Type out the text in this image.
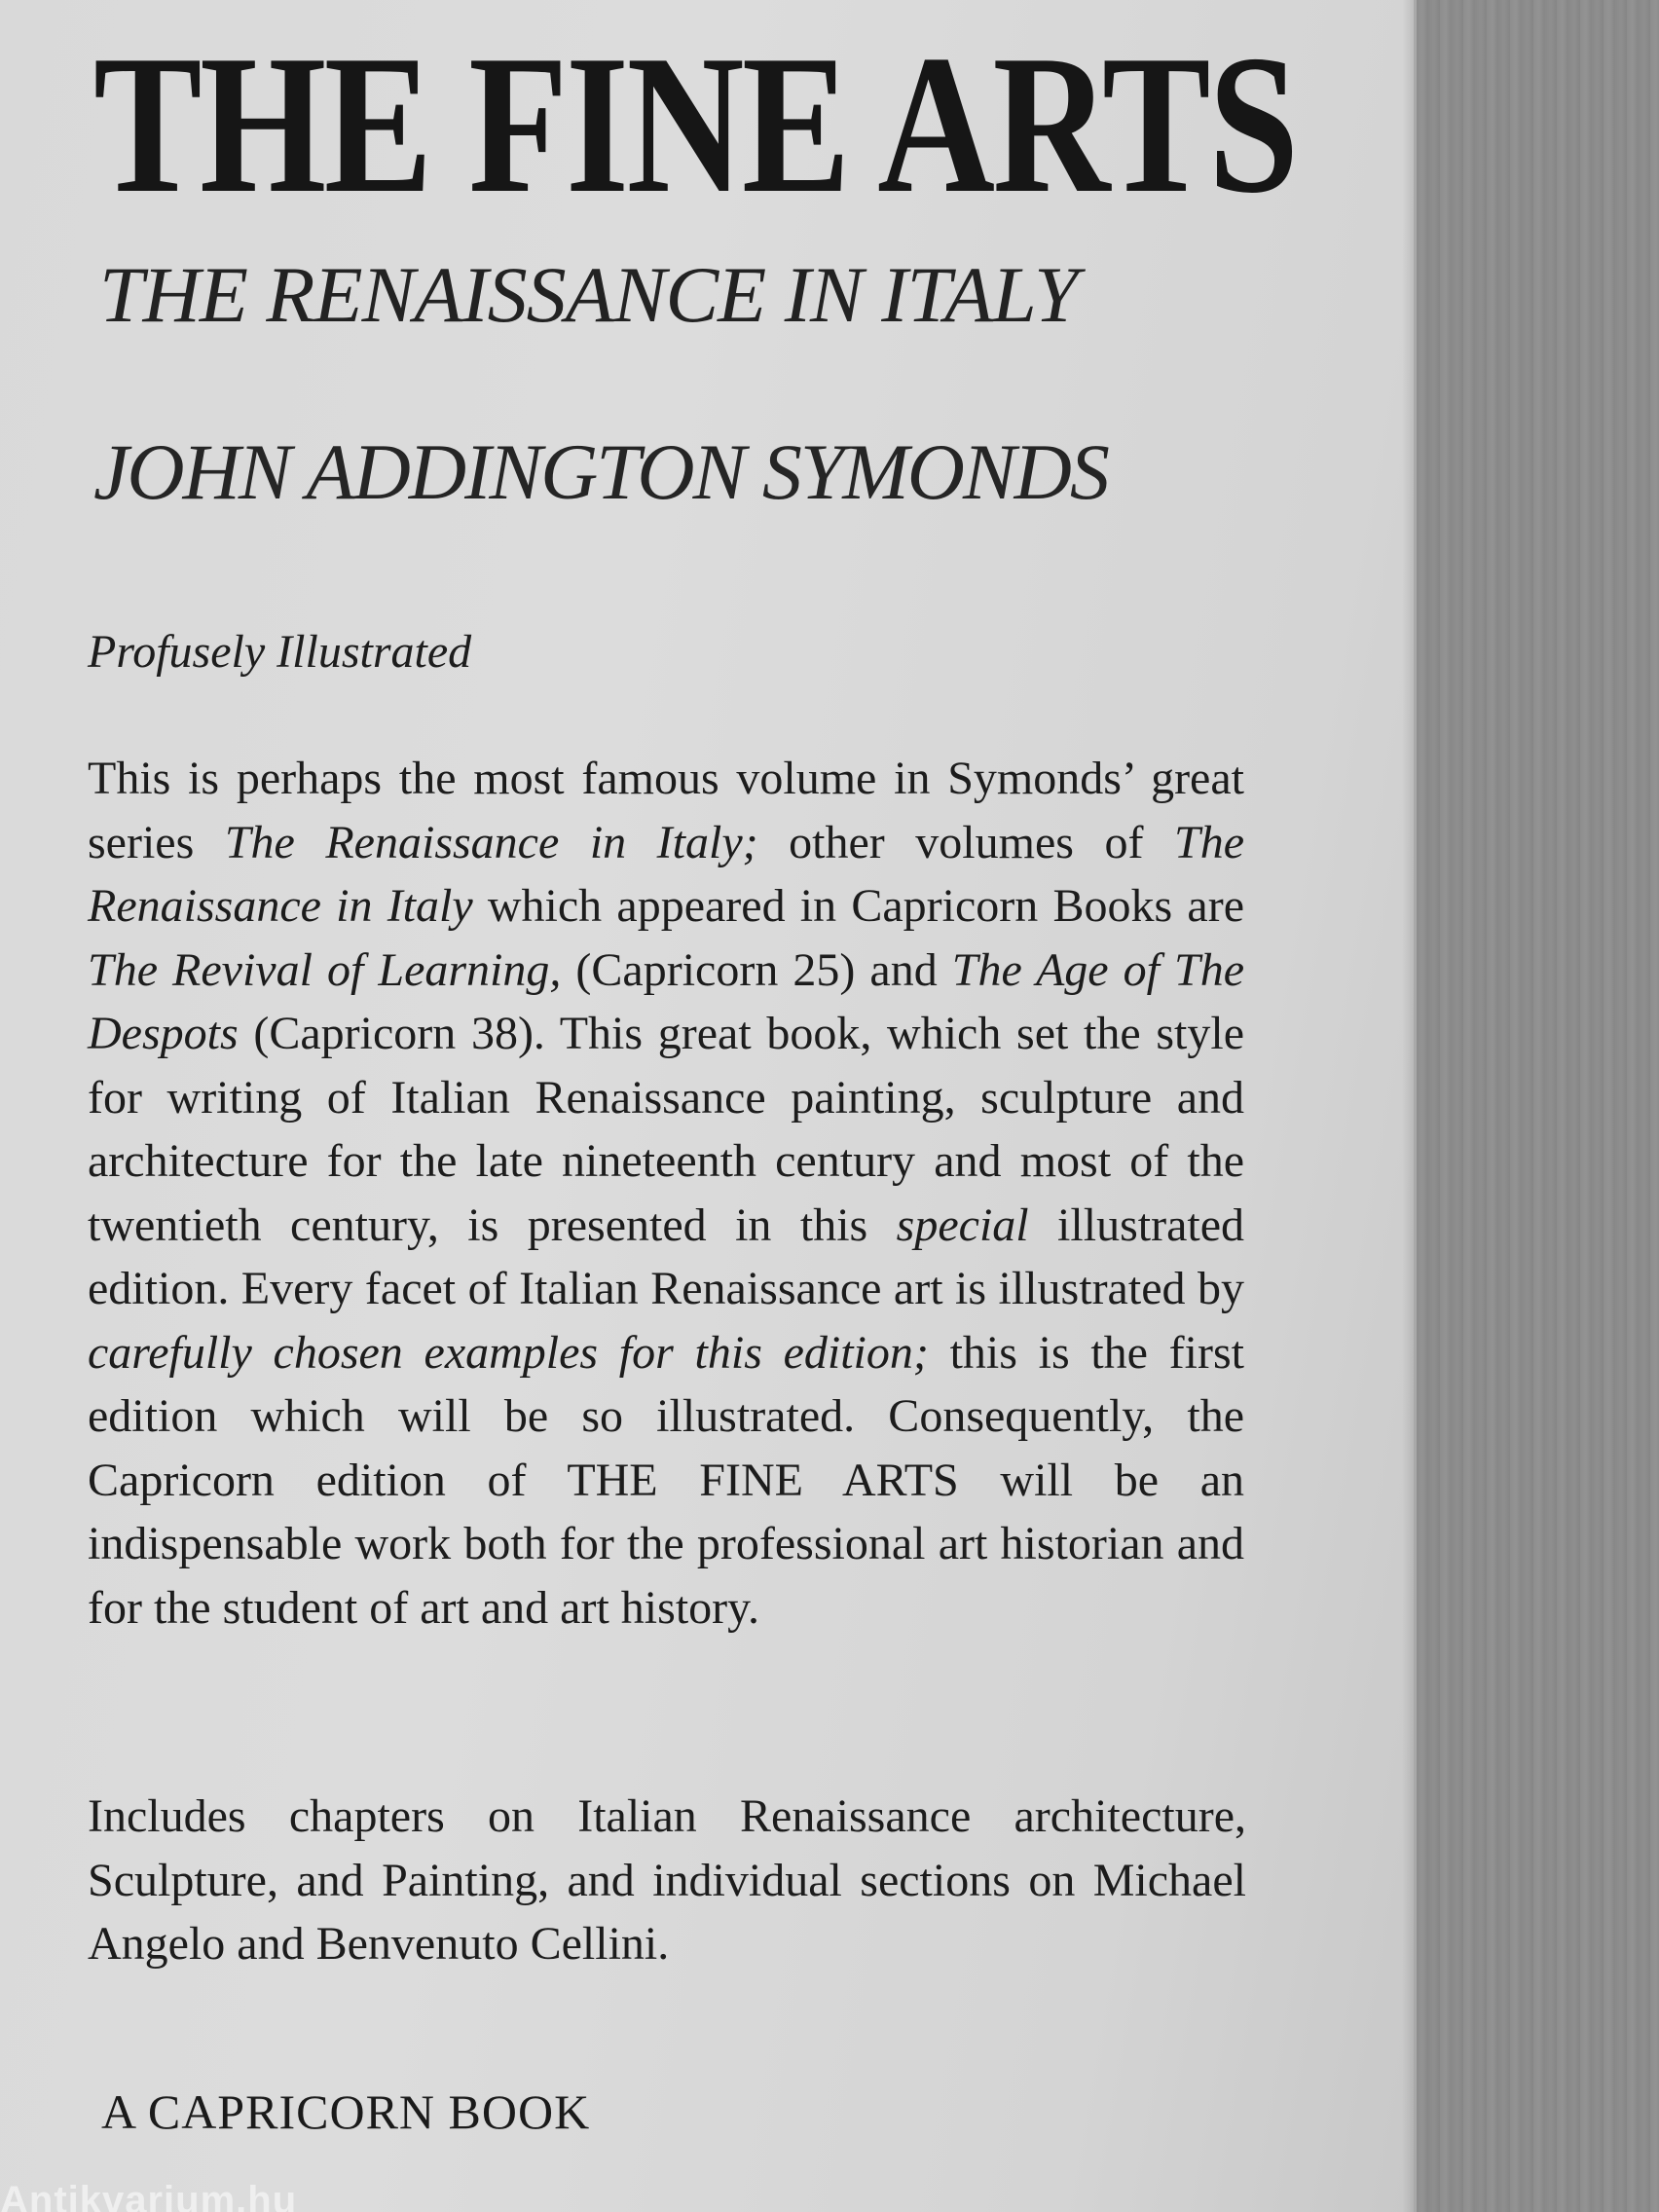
THE FINE ARTS
THE RENAISSANCE IN ITALY
JOHN ADDINGTON SYMONDS

Profusely Illustrated

This is perhaps the most famous volume in Symonds’ great series The Renaissance in Italy; other volumes of The Renaissance in Italy which appeared in Capricorn Books are The Revival of Learning, (Capricorn 25) and The Age of The Despots (Capricorn 38). This great book, which set the style for writing of Italian Renaissance painting, sculpture and architecture for the late nineteenth century and most of the twentieth century, is presented in this special illustrated edition. Every facet of Italian Renaissance art is illustrated by carefully chosen examples for this edition; this is the first edition which will be so illustrated. Consequently, the Capricorn edition of THE FINE ARTS will be an indispensable work both for the professional art historian and for the student of art and art history.

Includes chapters on Italian Renaissance architecture, Sculpture, and Painting, and individual sections on Michael Angelo and Benvenuto Cellini.

A CAPRICORN BOOK

Antikvarium.hu
